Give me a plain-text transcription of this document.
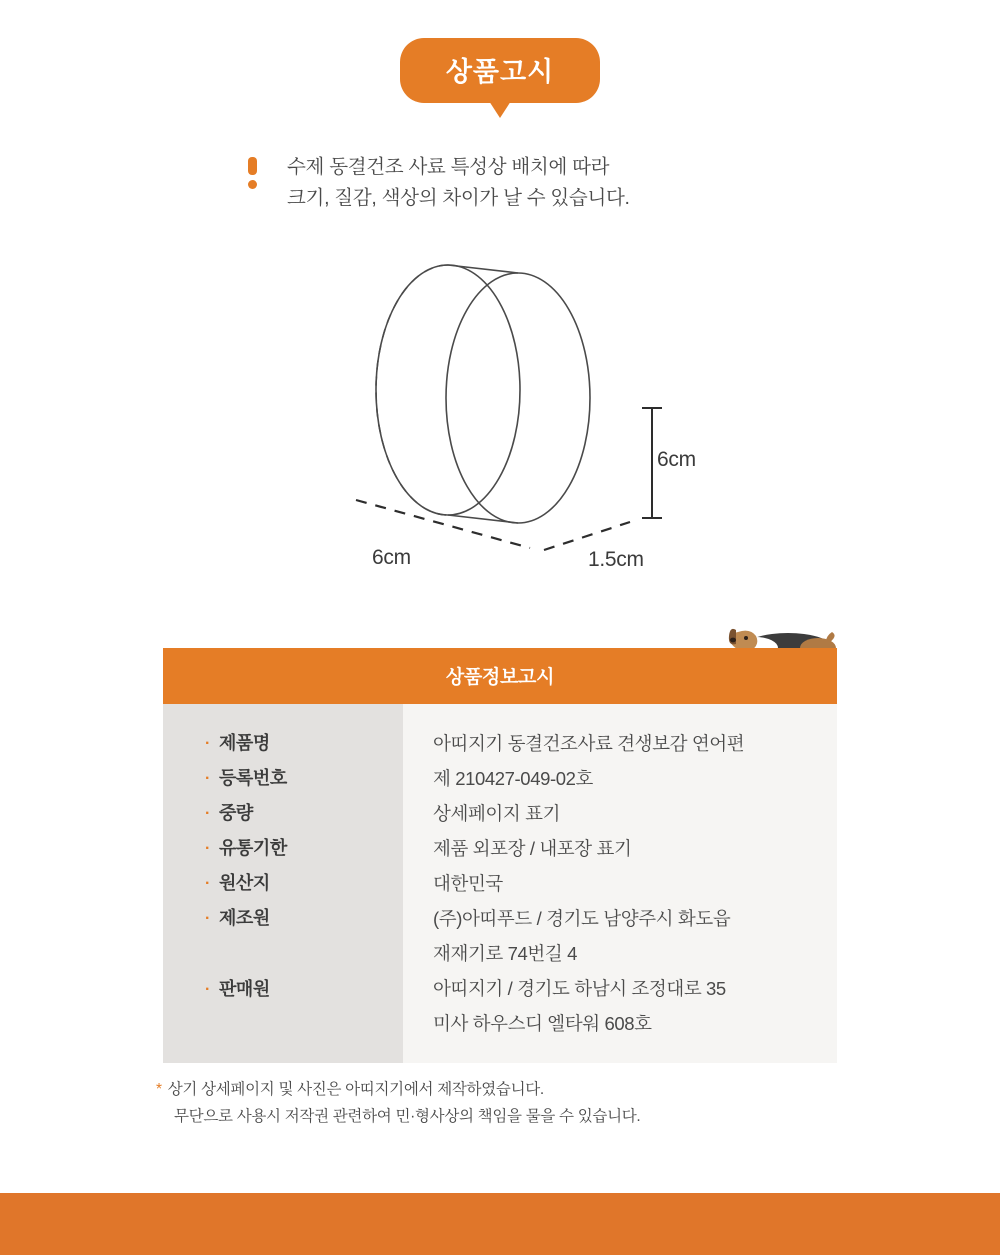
상품고시
수제 동결건조 사료 특성상 배치에 따라
크기, 질감, 색상의 차이가 날 수 있습니다.
6cm
6cm	1.5cm
상품정보고시
· 제품명
· 등록번호
· 중량
· 유통기한
· 원산지
· 제조원
· 판매원
아띠지기 동결건조사료 견생보감 연어편
제 210427-049-02호
상세페이지 표기
제품 외포장 / 내포장 표기
대한민국
(주)아띠푸드 / 경기도 남양주시 화도읍
재재기로 74번길 4
아띠지기 / 경기도 하남시 조정대로 35
미사 하우스디 엘타워 608호
* 상기 상세페이지 및 사진은 아띠지기에서 제작하였습니다.
무단으로 사용시 저작권 관련하여 민·형사상의 책임을 물을 수 있습니다.
